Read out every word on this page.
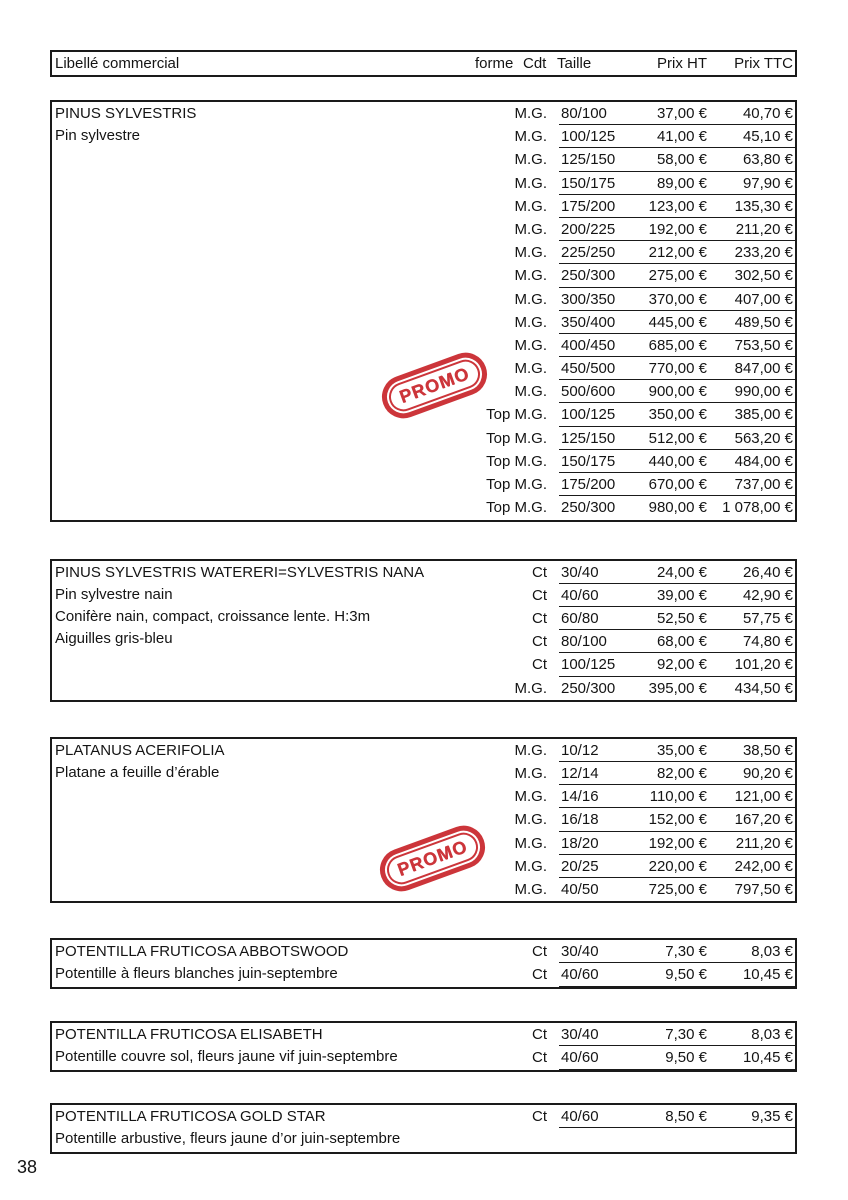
Libellé commercial	forme Cdt Taille	Prix HT	Prix TTC
PINUS SYLVESTRIS
Pin sylvestre
M.G. 80/100	37,00 €	40,70 €
M.G. 100/125	41,00 €	45,10 €
M.G. 125/150	58,00 €	63,80 €
M.G. 150/175	89,00 €	97,90 €
M.G. 175/200	123,00 €	135,30 €
M.G. 200/225	192,00 €	211,20 €
M.G. 225/250	212,00 €	233,20 €
M.G. 250/300	275,00 €	302,50 €
M.G. 300/350	370,00 €	407,00 €
M.G. 350/400	445,00 €	489,50 €
M.G. 400/450	685,00 €	753,50 €
M.G. 450/500	770,00 €	847,00 €
M.G. 500/600	900,00 €	990,00 €
Top M.G. 100/125	350,00 €	385,00 €
Top M.G. 125/150	512,00 €	563,20 €
Top M.G. 150/175	440,00 €	484,00 €
Top M.G. 175/200	670,00 €	737,00 €
Top M.G. 250/300	980,00 €	1 078,00 €
PROMO
PINUS SYLVESTRIS WATERERI=SYLVESTRIS NANA
Pin sylvestre nain
Conifère nain, compact, croissance lente. H:3m
Aiguilles gris-bleu
Ct 30/40	24,00 €	26,40 €
Ct 40/60	39,00 €	42,90 €
Ct 60/80	52,50 €	57,75 €
Ct 80/100	68,00 €	74,80 €
Ct 100/125	92,00 €	101,20 €
M.G. 250/300	395,00 €	434,50 €
PLATANUS ACERIFOLIA
Platane a feuille d’érable
M.G. 10/12	35,00 €	38,50 €
M.G. 12/14	82,00 €	90,20 €
M.G. 14/16	110,00 €	121,00 €
M.G. 16/18	152,00 €	167,20 €
M.G. 18/20	192,00 €	211,20 €
M.G. 20/25	220,00 €	242,00 €
M.G. 40/50	725,00 €	797,50 €
PROMO
POTENTILLA FRUTICOSA ABBOTSWOOD
Potentille à fleurs blanches juin-septembre
Ct 30/40	7,30 €	8,03 €
Ct 40/60	9,50 €	10,45 €
POTENTILLA FRUTICOSA ELISABETH
Potentille couvre sol, fleurs jaune vif juin-septembre
Ct 30/40	7,30 €	8,03 €
Ct 40/60	9,50 €	10,45 €
POTENTILLA FRUTICOSA GOLD STAR
Potentille arbustive, fleurs jaune d’or juin-septembre
Ct 40/60	8,50 €	9,35 €
38
